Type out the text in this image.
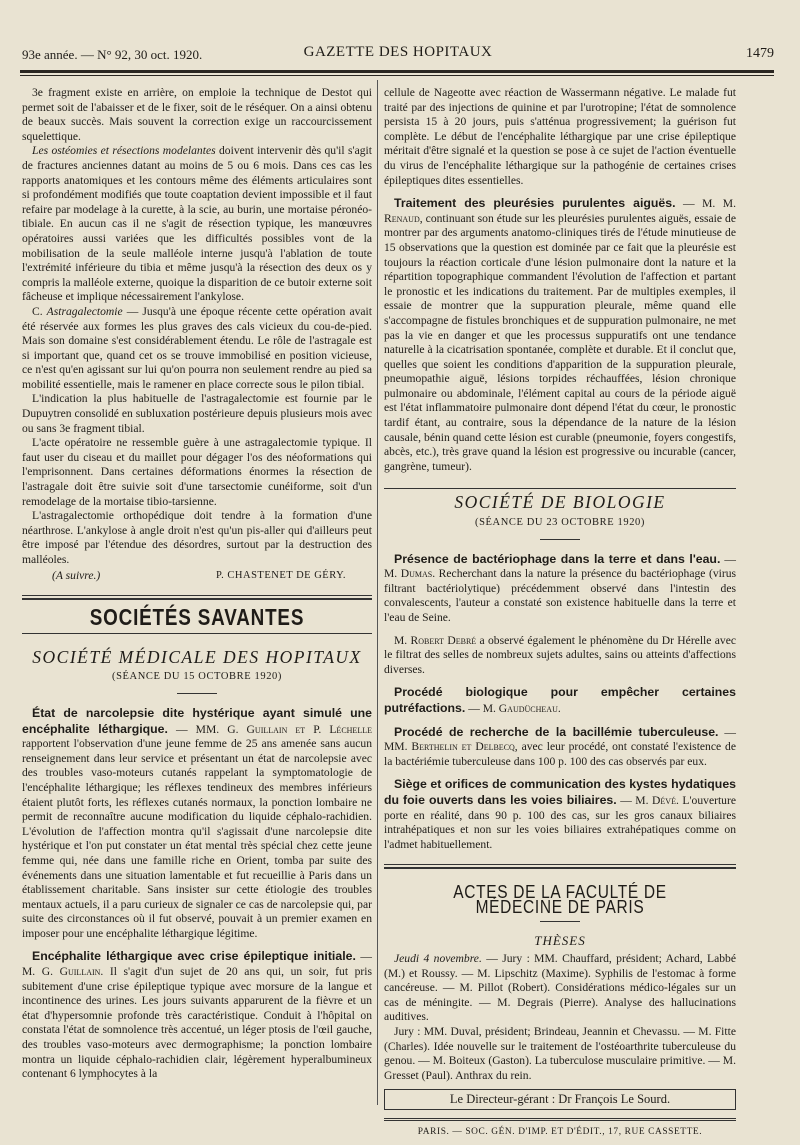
93e année. — N° 92, 30 oct. 1920.	GAZETTE DES HOPITAUX	1479

3e fragment existe en arrière, on emploie la technique de Destot qui permet soit de l'abaisser et de le fixer, soit de le réséquer. On a ainsi obtenu de beaux succès. Mais souvent la correction exige un raccourcissement squelettique.

Les ostéomies et résections modelantes doivent intervenir dès qu'il s'agit de fractures anciennes datant au moins de 5 ou 6 mois. Dans ces cas les rapports anatomiques et les contours même des éléments articulaires sont si profondément modifiés que toute coaptation devient impossible et il faut refaire par modelage à la curette, à la scie, au burin, une mortaise péronéo-tibiale. En aucun cas il ne s'agit de résection typique, les manœuvres opératoires aussi variées que les difficultés possibles vont de la mobilisation de la seule malléole interne jusqu'à l'ablation de toute l'extrémité inférieure du tibia et même jusqu'à la résection des deux os y compris la malléole externe, quoique la disparition de ce butoir externe soit fâcheuse et implique nécessairement l'ankylose.

C. Astragalectomie — Jusqu'à une époque récente cette opération avait été réservée aux formes les plus graves des cals vicieux du cou-de-pied. Mais son domaine s'est considérablement étendu. Le rôle de l'astragale est si important que, quand cet os se trouve immobilisé en position vicieuse, ce n'est qu'en agissant sur lui qu'on pourra non seulement rendre au pied sa mobilité essentielle, mais le ramener en place correcte sous le pilon tibial.

L'indication la plus habituelle de l'astragalectomie est fournie par le Dupuytren consolidé en subluxation postérieure depuis plusieurs mois avec ou sans 3e fragment tibial.

L'acte opératoire ne ressemble guère à une astragalectomie typique. Il faut user du ciseau et du maillet pour dégager l'os des néoformations qui l'emprisonnent. Dans certaines déformations énormes la résection de l'astragale doit être suivie soit d'une tarsectomie cunéiforme, soit d'un remodelage de la mortaise tibio-tarsienne.

L'astragalectomie orthopédique doit tendre à la formation d'une néarthrose. L'ankylose à angle droit n'est qu'un pis-aller qui d'ailleurs peut être imposé par l'étendue des désordres, surtout par la destruction des malléoles.

(A suivre.)	P. CHASTENET DE GÉRY.
SOCIÉTÉS SAVANTES
SOCIÉTÉ MÉDICALE DES HOPITAUX
(SÉANCE DU 15 OCTOBRE 1920)

État de narcolepsie dite hystérique ayant simulé une encéphalite léthargique. — MM. G. Guillain et P. Léchelle rapportent l'observation d'une jeune femme de 25 ans amenée sans aucun renseignement dans leur service et présentant un état de narcolepsie avec des troubles vaso-moteurs cutanés rappelant la symptomatologie de l'encéphalite léthargique; les réflexes tendineux des membres inférieurs étaient plutôt forts, les réflexes cutanés normaux, la ponction lombaire ne permit de reconnaître aucune modification du liquide céphalo-rachidien. L'évolution de l'affection montra qu'il s'agissait d'une narcolepsie dite hystérique et l'on put constater un état mental très spécial chez cette jeune femme qui, née dans une famille riche en Orient, tomba par suite des événements dans une situation lamentable et fut recueillie à Paris dans un établissement charitable. Sans insister sur cette étiologie des troubles mentaux actuels, il a paru curieux de signaler ce cas de narcolepsie qui, par suite des circonstances où il fut observé, pouvait à un premier examen en imposer pour une encéphalite léthargique légitime.

Encéphalite léthargique avec crise épileptique initiale. — M. G. Guillain. Il s'agit d'un sujet de 20 ans qui, un soir, fut pris subitement d'une crise épileptique typique avec morsure de la langue et incontinence des urines. Les jours suivants apparurent de la fièvre et un état d'hypersomnie profonde très caractéristique. Conduit à l'hôpital on constata l'état de somnolence très accentué, un léger ptosis de l'œil gauche, des troubles vaso-moteurs avec dermographisme; la ponction lombaire montra un liquide céphalo-rachidien clair, légèrement hyperalbumineux contenant 6 lymphocytes à la

cellule de Nageotte avec réaction de Wassermann négative. Le malade fut traité par des injections de quinine et par l'urotropine; l'état de somnolence persista 15 à 20 jours, puis s'atténua progressivement; la guérison fut complète. Le début de l'encéphalite léthargique par une crise épileptique méritait d'être signalé et la question se pose à ce sujet de l'action éventuelle du virus de l'encéphalite léthargique sur la pathogénie de certaines crises épileptiques dites essentielles.

Traitement des pleurésies purulentes aiguës. — M. M. Renaud, continuant son étude sur les pleurésies purulentes aiguës, essaie de montrer par des arguments anatomo-cliniques tirés de l'étude minutieuse de 15 observations que la question est dominée par ce fait que la pleurésie est toujours la réaction corticale d'une lésion pulmonaire dont la nature et la répartition topographique commandent l'évolution de l'affection et partant le pronostic et les indications du traitement. Par de multiples exemples, il essaie de montrer que la suppuration pleurale, même quand elle s'accompagne de fistules bronchiques et de suppuration pulmonaire, ne met pas la vie en danger et que les processus suppuratifs ont une tendance naturelle à la cicatrisation spontanée, complète et durable. Et il conclut que, quelles que soient les conditions d'apparition de la suppuration pleurale, pneumopathie aiguë, lésions torpides réchauffées, lésion chronique pulmonaire ou abdominale, l'élément capital au cours de la période aiguë est l'état inflammatoire pulmonaire dont dépend l'état du cœur, le pronostic tardif étant, au contraire, sous la dépendance de la nature de la lésion causale, bénin quand cette lésion est curable (pneumonie, foyers congestifs, abcès, etc.), très grave quand la lésion est progressive ou incurable (cancer, gangrène, tumeur).

SOCIÉTÉ DE BIOLOGIE
(SÉANCE DU 23 OCTOBRE 1920)

Présence de bactériophage dans la terre et dans l'eau. — M. Dumas. Recherchant dans la nature la présence du bactériophage (virus filtrant bactériolytique) précédemment observé dans l'intestin des convalescents, l'auteur a constaté son existence habituelle dans la terre et l'eau de Seine.

M. Robert Debré a observé également le phénomène du Dr Hérelle avec le filtrat des selles de nombreux sujets adultes, sains ou atteints d'affections diverses.

Procédé biologique pour empêcher certaines putréfactions. — M. Gaudücheau.

Procédé de recherche de la bacillémie tuberculeuse. — MM. Berthelin et Delbecq, avec leur procédé, ont constaté l'existence de la bactériémie tuberculeuse dans 100 p. 100 des cas observés par eux.

Siège et orifices de communication des kystes hydatiques du foie ouverts dans les voies biliaires. — M. Dévé. L'ouverture porte en réalité, dans 90 p. 100 des cas, sur les gros canaux biliaires intrahépatiques et non sur les voies biliaires extrahépatiques comme on l'admet habituellement.

ACTES DE LA FACULTÉ DE MÉDECINE DE PARIS
THÈSES

Jeudi 4 novembre. — Jury : MM. Chauffard, président; Achard, Labbé (M.) et Roussy. — M. Lipschitz (Maxime). Syphilis de l'estomac à forme cancéreuse. — M. Pillot (Robert). Considérations médico-légales sur un cas de méningite. — M. Degrais (Pierre). Analyse des hallucinations auditives.

Jury : MM. Duval, président; Brindeau, Jeannin et Chevassu. — M. Fitte (Charles). Idée nouvelle sur le traitement de l'ostéoarthrite tuberculeuse du genou. — M. Boiteux (Gaston). La tuberculose musculaire primitive. — M. Gresset (Paul). Anthrax du rein.

Le Directeur-gérant : Dr François Le Sourd.
PARIS. — SOC. GÉN. D'IMP. ET D'ÉDIT., 17, RUE CASSETTE.
